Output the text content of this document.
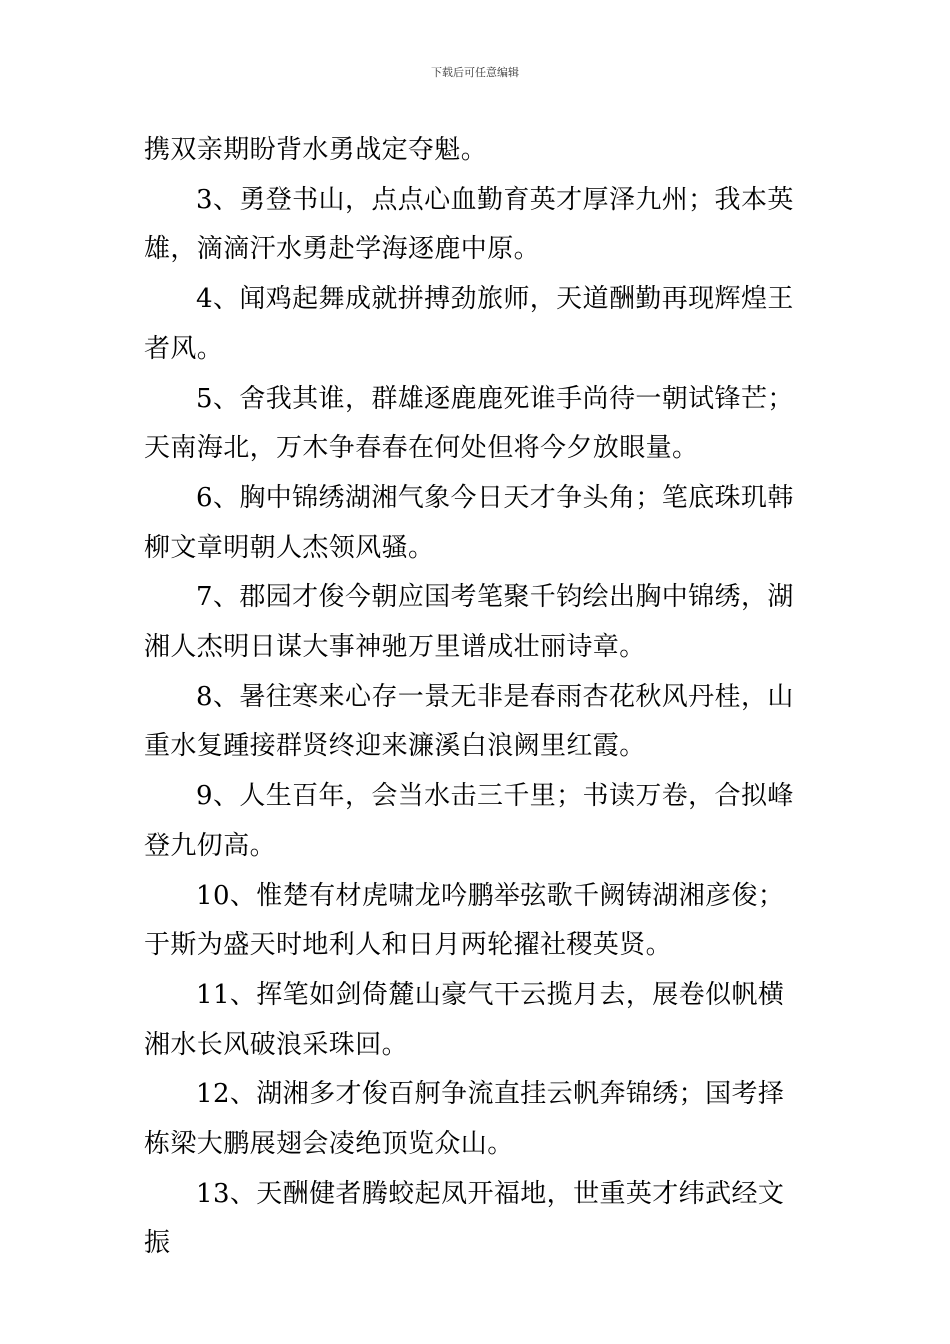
下载后可任意编辑

携双亲期盼背水勇战定夺魁。

3、勇登书山，点点心血勤育英才厚泽九州；我本英雄，滴滴汗水勇赴学海逐鹿中原。

4、闻鸡起舞成就拼搏劲旅师，天道酬勤再现辉煌王者风。

5、舍我其谁，群雄逐鹿鹿死谁手尚待一朝试锋芒；天南海北，万木争春春在何处但将今夕放眼量。

6、胸中锦绣湖湘气象今日天才争头角；笔底珠玑韩柳文章明朝人杰领风骚。

7、郡园才俊今朝应国考笔聚千钧绘出胸中锦绣，湖湘人杰明日谋大事神驰万里谱成壮丽诗章。

8、暑往寒来心存一景无非是春雨杏花秋风丹桂，山重水复踵接群贤终迎来濂溪白浪阙里红霞。

9、人生百年，会当水击三千里；书读万卷，合拟峰登九仞高。

10、惟楚有材虎啸龙吟鹏举弦歌千阙铸湖湘彦俊；于斯为盛天时地利人和日月两轮擢社稷英贤。

11、挥笔如剑倚麓山豪气干云揽月去，展卷似帆横湘水长风破浪采珠回。

12、湖湘多才俊百舸争流直挂云帆奔锦绣；国考择栋梁大鹏展翅会凌绝顶览众山。

13、天酬健者腾蛟起凤开福地，世重英才纬武经文振
